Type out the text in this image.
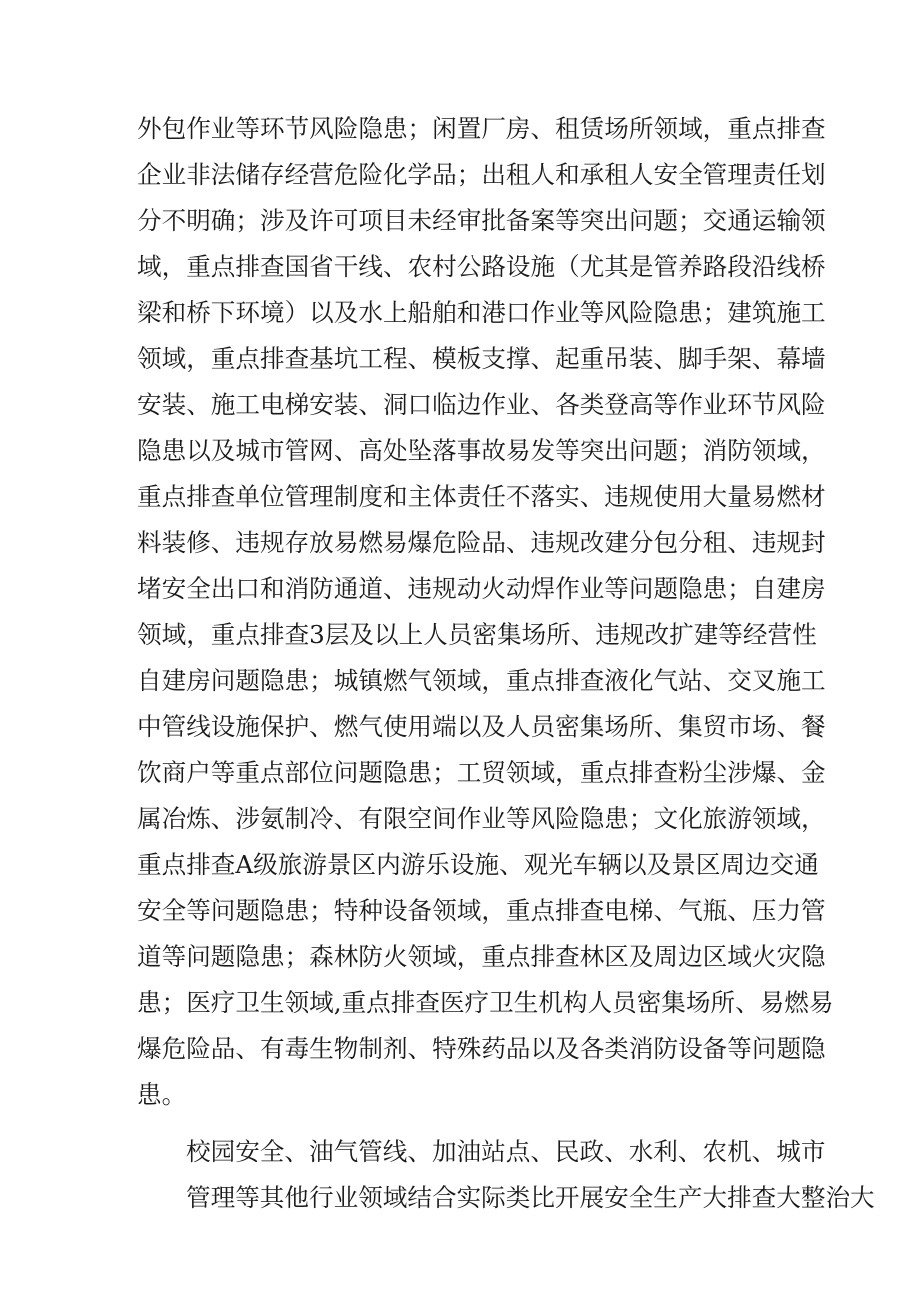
外包作业等环节风险隐患；闲置厂房、租赁场所领域，重点排查
企业非法储存经营危险化学品；出租人和承租人安全管理责任划
分不明确；涉及许可项目未经审批备案等突出问题；交通运输领
域，重点排查国省干线、农村公路设施（尤其是管养路段沿线桥
梁和桥下环境）以及水上船舶和港口作业等风险隐患；建筑施工
领域，重点排查基坑工程、模板支撑、起重吊装、脚手架、幕墙
安装、施工电梯安装、洞口临边作业、各类登高等作业环节风险
隐患以及城市管网、高处坠落事故易发等突出问题；消防领域，
重点排查单位管理制度和主体责任不落实、违规使用大量易燃材
料装修、违规存放易燃易爆危险品、违规改建分包分租、违规封
堵安全出口和消防通道、违规动火动焊作业等问题隐患；自建房
领域，重点排查3层及以上人员密集场所、违规改扩建等经营性
自建房问题隐患；城镇燃气领域，重点排查液化气站、交叉施工
中管线设施保护、燃气使用端以及人员密集场所、集贸市场、餐
饮商户等重点部位问题隐患；工贸领域，重点排查粉尘涉爆、金
属冶炼、涉氨制冷、有限空间作业等风险隐患；文化旅游领域，
重点排查A级旅游景区内游乐设施、观光车辆以及景区周边交通
安全等问题隐患；特种设备领域，重点排查电梯、气瓶、压力管
道等问题隐患；森林防火领域，重点排查林区及周边区域火灾隐
患；医疗卫生领域,重点排查医疗卫生机构人员密集场所、易燃易
爆危险品、有毒生物制剂、特殊药品以及各类消防设备等问题隐
患。

校园安全、油气管线、加油站点、民政、水利、农机、城市
管理等其他行业领域结合实际类比开展安全生产大排查大整治大
